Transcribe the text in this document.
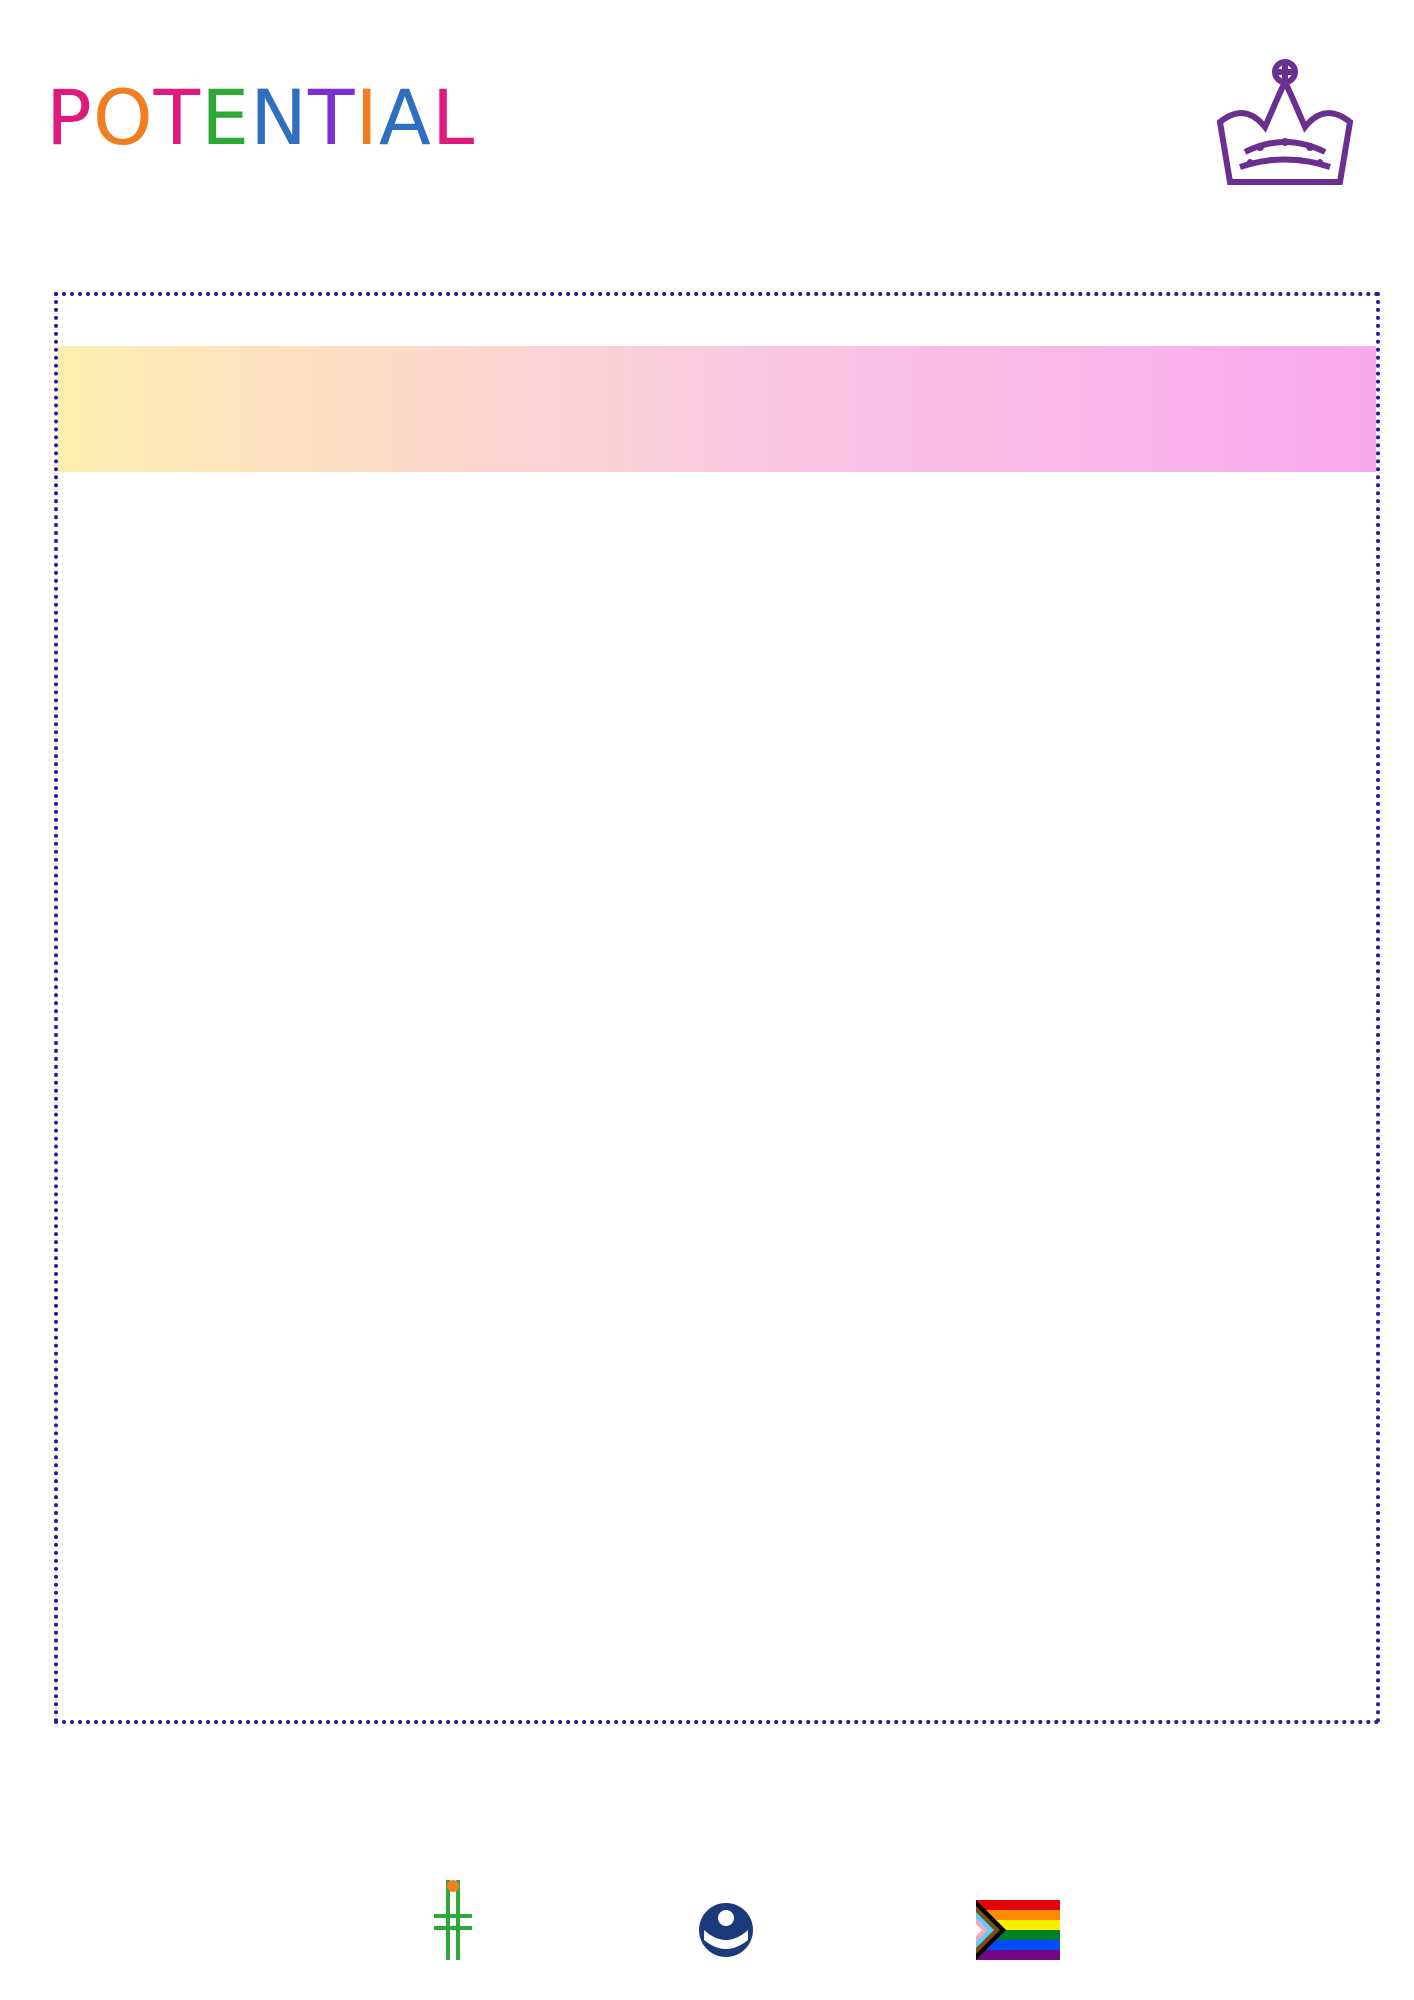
POTENTIAL
